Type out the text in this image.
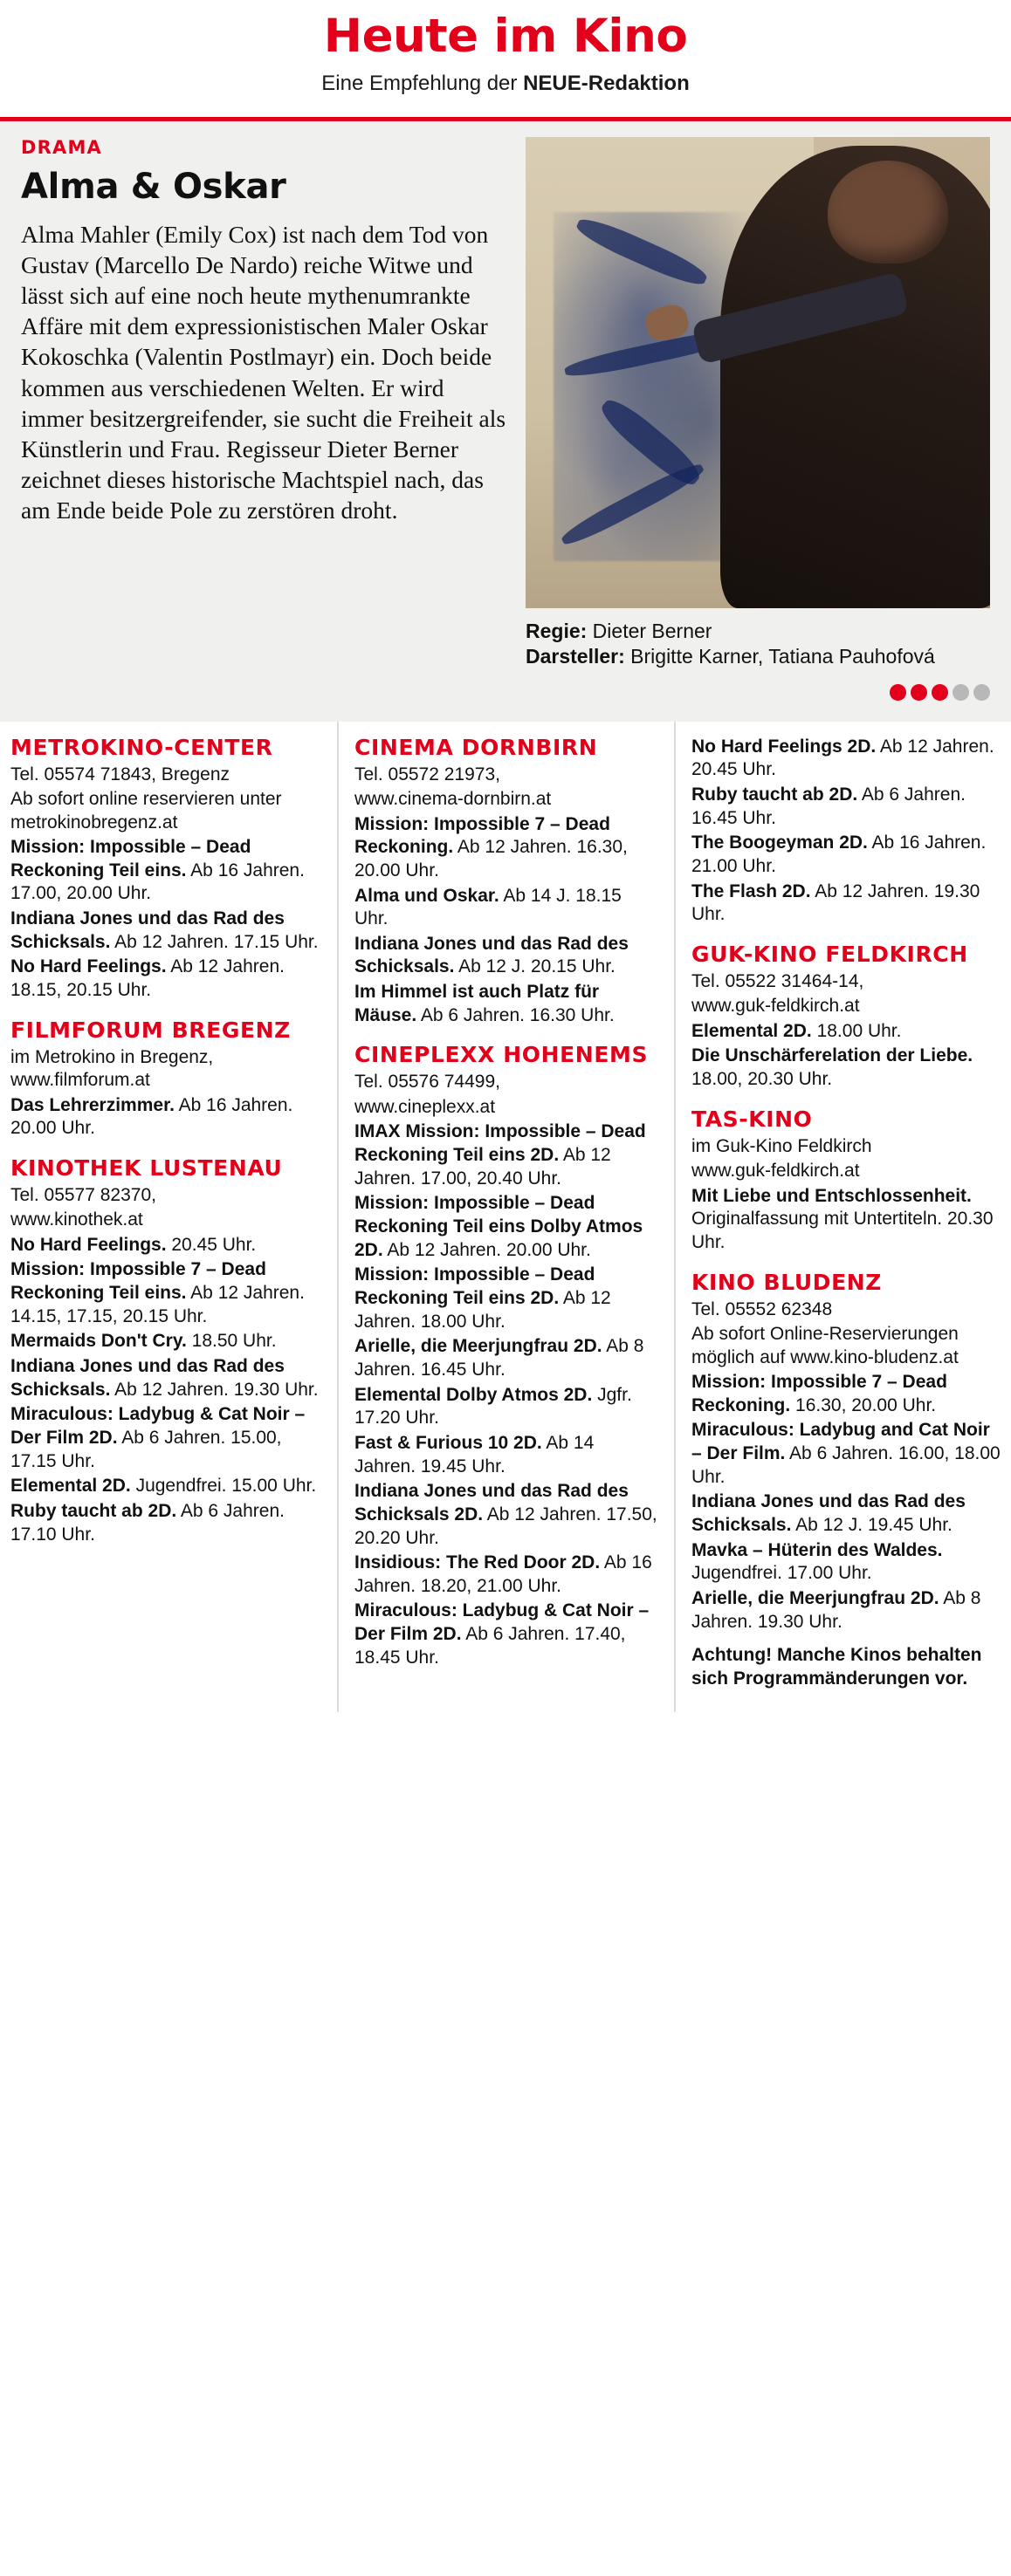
Heute im Kino
Eine Empfehlung der NEUE-Redaktion
DRAMA
Alma & Oskar
Alma Mahler (Emily Cox) ist nach dem Tod von Gustav (Marcello De Nardo) reiche Witwe und lässt sich auf eine noch heute mythenumrankte Affäre mit dem expressionistischen Maler Oskar Kokoschka (Valentin Postlmayr) ein. Doch beide kommen aus verschiedenen Welten. Er wird immer besitzergreifender, sie sucht die Freiheit als Künstlerin und Frau. Regisseur Dieter Berner zeichnet dieses historische Machtspiel nach, das am Ende beide Pole zu zerstören droht.
Regie: Dieter Berner
Darsteller: Brigitte Karner, Tatiana Pauhofová
METROKINO-CENTER
Tel. 05574 71843, Bregenz
Ab sofort online reservieren unter metrokinobregenz.at
Mission: Impossible – Dead Reckoning Teil eins. Ab 16 Jahren. 17.00, 20.00 Uhr.
Indiana Jones und das Rad des Schicksals. Ab 12 Jahren. 17.15 Uhr.
No Hard Feelings. Ab 12 Jahren. 18.15, 20.15 Uhr.
FILMFORUM BREGENZ
im Metrokino in Bregenz, www.filmforum.at
Das Lehrerzimmer. Ab 16 Jahren. 20.00 Uhr.
KINOTHEK LUSTENAU
Tel. 05577 82370,
www.kinothek.at
No Hard Feelings. 20.45 Uhr.
Mission: Impossible 7 – Dead Reckoning Teil eins. Ab 12 Jahren. 14.15, 17.15, 20.15 Uhr.
Mermaids Don't Cry. 18.50 Uhr.
Indiana Jones und das Rad des Schicksals. Ab 12 Jahren. 19.30 Uhr.
Miraculous: Ladybug & Cat Noir – Der Film 2D. Ab 6 Jahren. 15.00, 17.15 Uhr.
Elemental 2D. Jugendfrei. 15.00 Uhr.
Ruby taucht ab 2D. Ab 6 Jahren. 17.10 Uhr.
CINEMA DORNBIRN
Tel. 05572 21973,
www.cinema-dornbirn.at
Mission: Impossible 7 – Dead Reckoning. Ab 12 Jahren. 16.30, 20.00 Uhr.
Alma und Oskar. Ab 14 J. 18.15 Uhr.
Indiana Jones und das Rad des Schicksals. Ab 12 J. 20.15 Uhr.
Im Himmel ist auch Platz für Mäuse. Ab 6 Jahren. 16.30 Uhr.
CINEPLEXX HOHENEMS
Tel. 05576 74499,
www.cineplexx.at
IMAX Mission: Impossible – Dead Reckoning Teil eins 2D. Ab 12 Jahren. 17.00, 20.40 Uhr.
Mission: Impossible – Dead Reckoning Teil eins Dolby Atmos 2D. Ab 12 Jahren. 20.00 Uhr.
Mission: Impossible – Dead Reckoning Teil eins 2D. Ab 12 Jahren. 18.00 Uhr.
Arielle, die Meerjungfrau 2D. Ab 8 Jahren. 16.45 Uhr.
Elemental Dolby Atmos 2D. Jgfr. 17.20 Uhr.
Fast & Furious 10 2D. Ab 14 Jahren. 19.45 Uhr.
Indiana Jones und das Rad des Schicksals 2D. Ab 12 Jahren. 17.50, 20.20 Uhr.
Insidious: The Red Door 2D. Ab 16 Jahren. 18.20, 21.00 Uhr.
Miraculous: Ladybug & Cat Noir – Der Film 2D. Ab 6 Jahren. 17.40, 18.45 Uhr.
No Hard Feelings 2D. Ab 12 Jahren. 20.45 Uhr.
Ruby taucht ab 2D. Ab 6 Jahren. 16.45 Uhr.
The Boogeyman 2D. Ab 16 Jahren. 21.00 Uhr.
The Flash 2D. Ab 12 Jahren. 19.30 Uhr.
GUK-KINO FELDKIRCH
Tel. 05522 31464-14,
www.guk-feldkirch.at
Elemental 2D. 18.00 Uhr.
Die Unschärferelation der Liebe. 18.00, 20.30 Uhr.
TAS-KINO
im Guk-Kino Feldkirch
www.guk-feldkirch.at
Mit Liebe und Entschlossenheit. Originalfassung mit Untertiteln. 20.30 Uhr.
KINO BLUDENZ
Tel. 05552 62348
Ab sofort Online-Reservierungen möglich auf www.kino-bludenz.at
Mission: Impossible 7 – Dead Reckoning. 16.30, 20.00 Uhr.
Miraculous: Ladybug and Cat Noir – Der Film. Ab 6 Jahren. 16.00, 18.00 Uhr.
Indiana Jones und das Rad des Schicksals. Ab 12 J. 19.45 Uhr.
Mavka – Hüterin des Waldes. Jugendfrei. 17.00 Uhr.
Arielle, die Meerjungfrau 2D. Ab 8 Jahren. 19.30 Uhr.
Achtung! Manche Kinos behalten sich Programmänderungen vor.
